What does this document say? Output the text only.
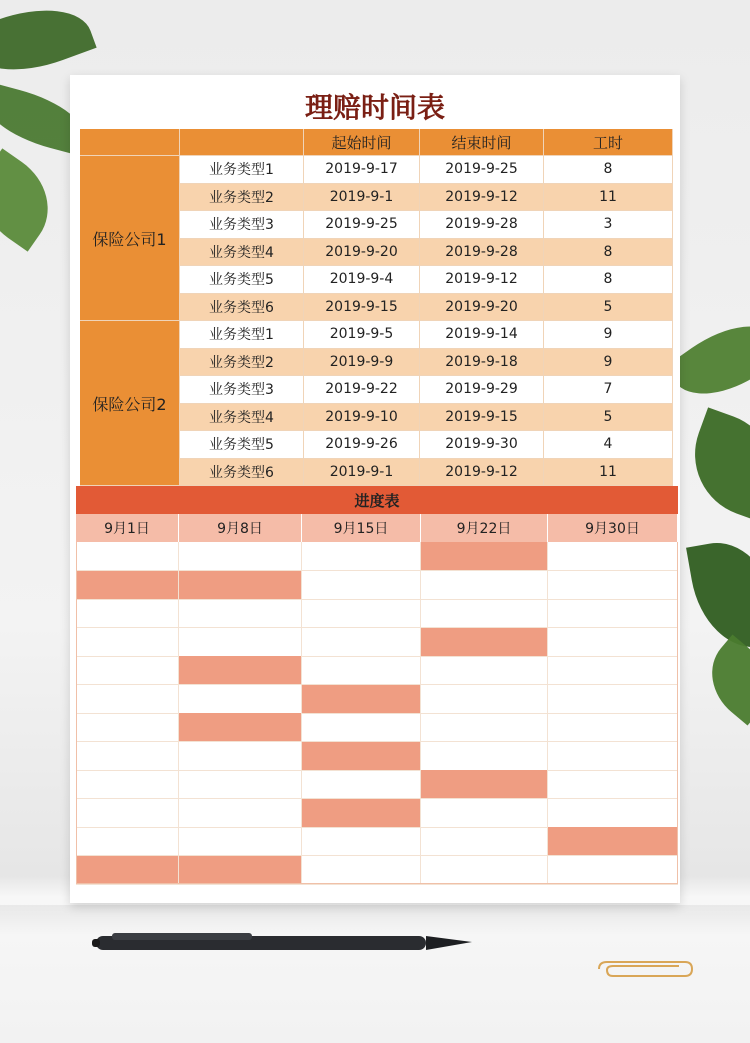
理赔时间表
起始时间	结束时间	工时
保险公司1
业务类型1	2019-9-17	2019-9-25	8
业务类型2	2019-9-1	2019-9-12	11
业务类型3	2019-9-25	2019-9-28	3
业务类型4	2019-9-20	2019-9-28	8
业务类型5	2019-9-4	2019-9-12	8
业务类型6	2019-9-15	2019-9-20	5
保险公司2
业务类型1	2019-9-5	2019-9-14	9
业务类型2	2019-9-9	2019-9-18	9
业务类型3	2019-9-22	2019-9-29	7
业务类型4	2019-9-10	2019-9-15	5
业务类型5	2019-9-26	2019-9-30	4
业务类型6	2019-9-1	2019-9-12	11
进度表
9月1日	9月8日	9月15日	9月22日	9月30日
